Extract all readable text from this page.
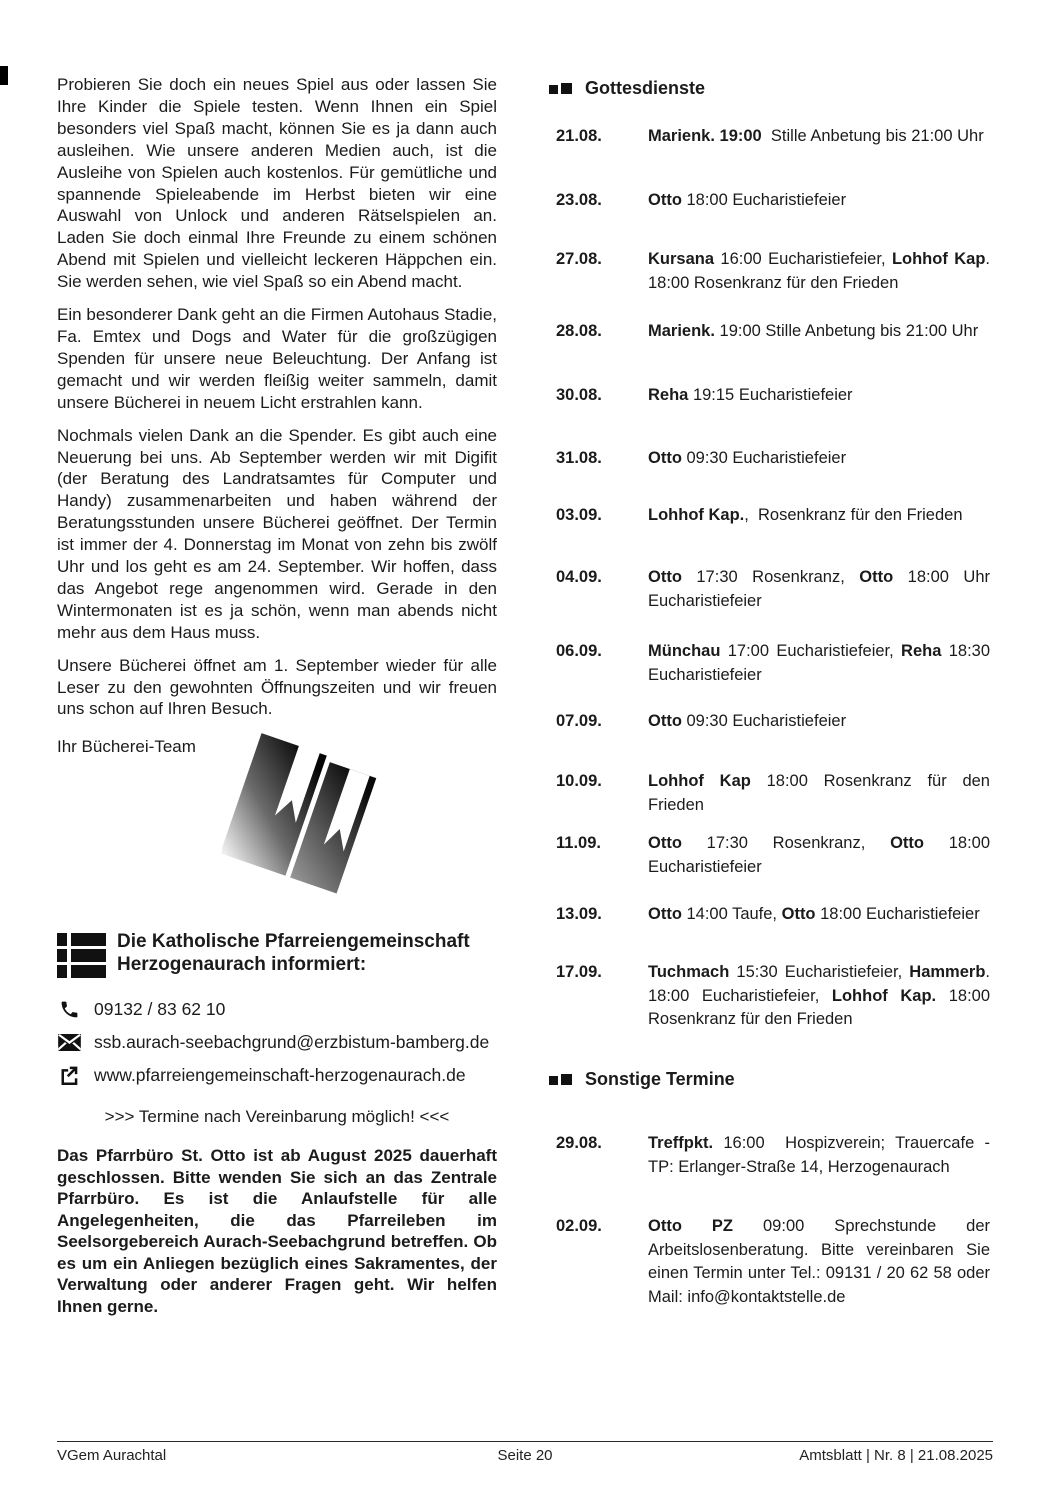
Probieren Sie doch ein neues Spiel aus oder lassen Sie Ihre Kinder die Spiele testen. Wenn Ihnen ein Spiel besonders viel Spaß macht, können Sie es ja dann auch ausleihen. Wie unsere anderen Medien auch, ist die Ausleihe von Spielen auch kostenlos. Für gemütliche und spannende Spieleabende im Herbst bieten wir eine Auswahl von Unlock und anderen Rätselspielen an. Laden Sie doch einmal Ihre Freunde zu einem schönen Abend mit Spielen und vielleicht leckeren Häppchen ein. Sie werden sehen, wie viel Spaß so ein Abend macht.

Ein besonderer Dank geht an die Firmen Autohaus Stadie, Fa. Emtex und Dogs and Water für die großzügigen Spenden für unsere neue Beleuchtung. Der Anfang ist gemacht und wir werden fleißig weiter sammeln, damit unsere Bücherei in neuem Licht erstrahlen kann.

Nochmals vielen Dank an die Spender. Es gibt auch eine Neuerung bei uns. Ab September werden wir mit Digifit (der Beratung des Landratsamtes für Computer und Handy) zusammenarbeiten und haben während der Beratungsstunden unsere Bücherei geöffnet. Der Termin ist immer der 4. Donnerstag im Monat von zehn bis zwölf Uhr und los geht es am 24. September. Wir hoffen, dass das Angebot rege angenommen wird. Gerade in den Wintermonaten ist es ja schön, wenn man abends nicht mehr aus dem Haus muss.

Unsere Bücherei öffnet am 1. September wieder für alle Leser zu den gewohnten Öffnungszeiten und wir freuen uns schon auf Ihren Besuch.

Ihr Bücherei-Team
Die Katholische Pfarreiengemeinschaft
Herzogenaurach informiert:
09132 / 83 62 10
ssb.aurach-seebachgrund@erzbistum-bamberg.de
www.pfarreiengemeinschaft-herzogenaurach.de
>>> Termine nach Vereinbarung möglich! <<<
Das Pfarrbüro St. Otto ist ab August 2025 dauerhaft geschlossen. Bitte wenden Sie sich an das Zentrale Pfarrbüro. Es ist die Anlaufstelle für alle Angelegenheiten, die das Pfarreileben im Seelsorgebereich Aurach-Seebachgrund betreffen. Ob es um ein Anliegen bezüglich eines Sakramentes, der Verwaltung oder anderer Fragen geht. Wir helfen Ihnen gerne.
Gottesdienste
21.08.	Marienk. 19:00  Stille Anbetung bis 21:00 Uhr
23.08.	Otto 18:00 Eucharistiefeier
27.08.	Kursana 16:00 Eucharistiefeier, Lohhof Kap. 18:00 Rosenkranz für den Frieden
28.08.	Marienk. 19:00 Stille Anbetung bis 21:00 Uhr
30.08.	Reha 19:15 Eucharistiefeier
31.08.	Otto 09:30 Eucharistiefeier
03.09.	Lohhof Kap.,  Rosenkranz für den Frieden
04.09.	Otto 17:30 Rosenkranz, Otto 18:00 Uhr Eucharistiefeier
06.09.	Münchau 17:00 Eucharistiefeier, Reha 18:30 Eucharistiefeier
07.09.	Otto 09:30 Eucharistiefeier
10.09.	Lohhof Kap 18:00 Rosenkranz für den Frieden
11.09.	Otto 17:30 Rosenkranz, Otto 18:00 Eucharistiefeier
13.09.	Otto 14:00 Taufe, Otto 18:00 Eucharistiefeier
17.09.	Tuchmach 15:30 Eucharistiefeier, Hammerb. 18:00 Eucharistiefeier, Lohhof Kap. 18:00 Rosenkranz für den Frieden
Sonstige Termine
29.08.	Treffpkt. 16:00  Hospizverein; Trauercafe - TP: Erlanger-Straße 14, Herzogenaurach
02.09.	Otto PZ 09:00 Sprechstunde der Arbeitslosenberatung. Bitte vereinbaren Sie einen Termin unter Tel.: 09131 / 20 62 58 oder Mail: info@kontaktstelle.de
VGem Aurachtal	Seite 20	Amtsblatt | Nr. 8 | 21.08.2025
